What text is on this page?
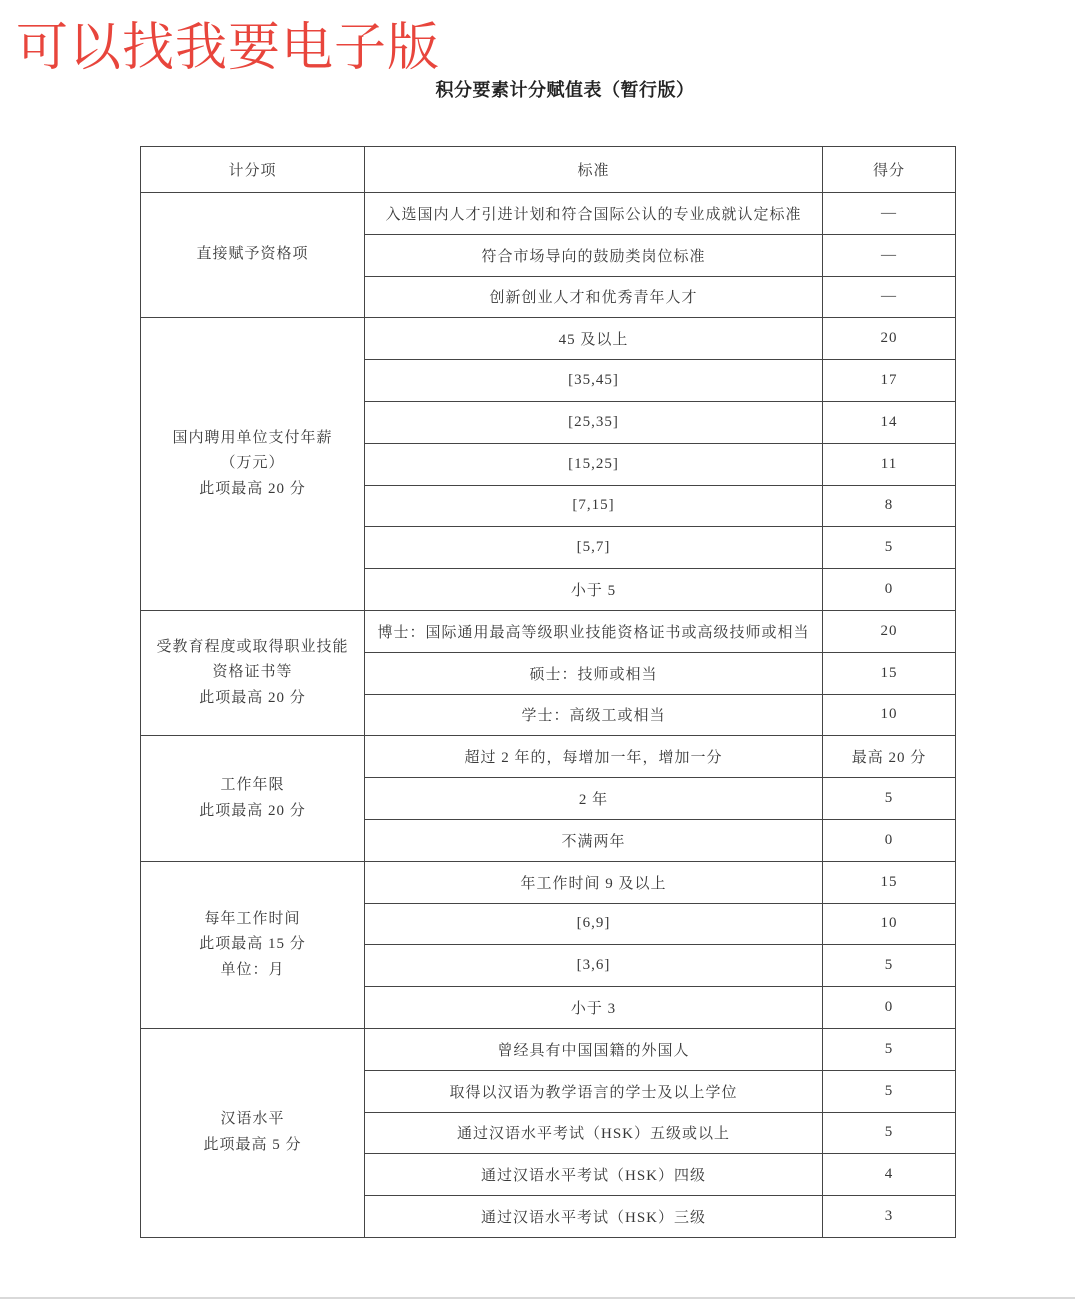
可以找我要电子版
积分要素计分赋值表（暂行版）
计分项	标准	得分

直接赋予资格项	入选国内人才引进计划和符合国际公认的专业成就认定标准	—
	符合市场导向的鼓励类岗位标准	—
	创新创业人才和优秀青年人才	—

国内聘用单位支付年薪
（万元）
此项最高 20 分	45 及以上	20
	[35,45]	17
	[25,35]	14
	[15,25]	11
	[7,15]	8
	[5,7]	5
	小于 5	0

受教育程度或取得职业技能
资格证书等
此项最高 20 分	博士：国际通用最高等级职业技能资格证书或高级技师或相当	20
	硕士：技师或相当	15
	学士：高级工或相当	10

工作年限
此项最高 20 分	超过 2 年的，每增加一年，增加一分	最高 20 分
	2 年	5
	不满两年	0

每年工作时间
此项最高 15 分
单位：月	年工作时间 9 及以上	15
	[6,9]	10
	[3,6]	5
	小于 3	0

汉语水平
此项最高 5 分	曾经具有中国国籍的外国人	5
	取得以汉语为教学语言的学士及以上学位	5
	通过汉语水平考试（HSK）五级或以上	5
	通过汉语水平考试（HSK）四级	4
	通过汉语水平考试（HSK）三级	3
